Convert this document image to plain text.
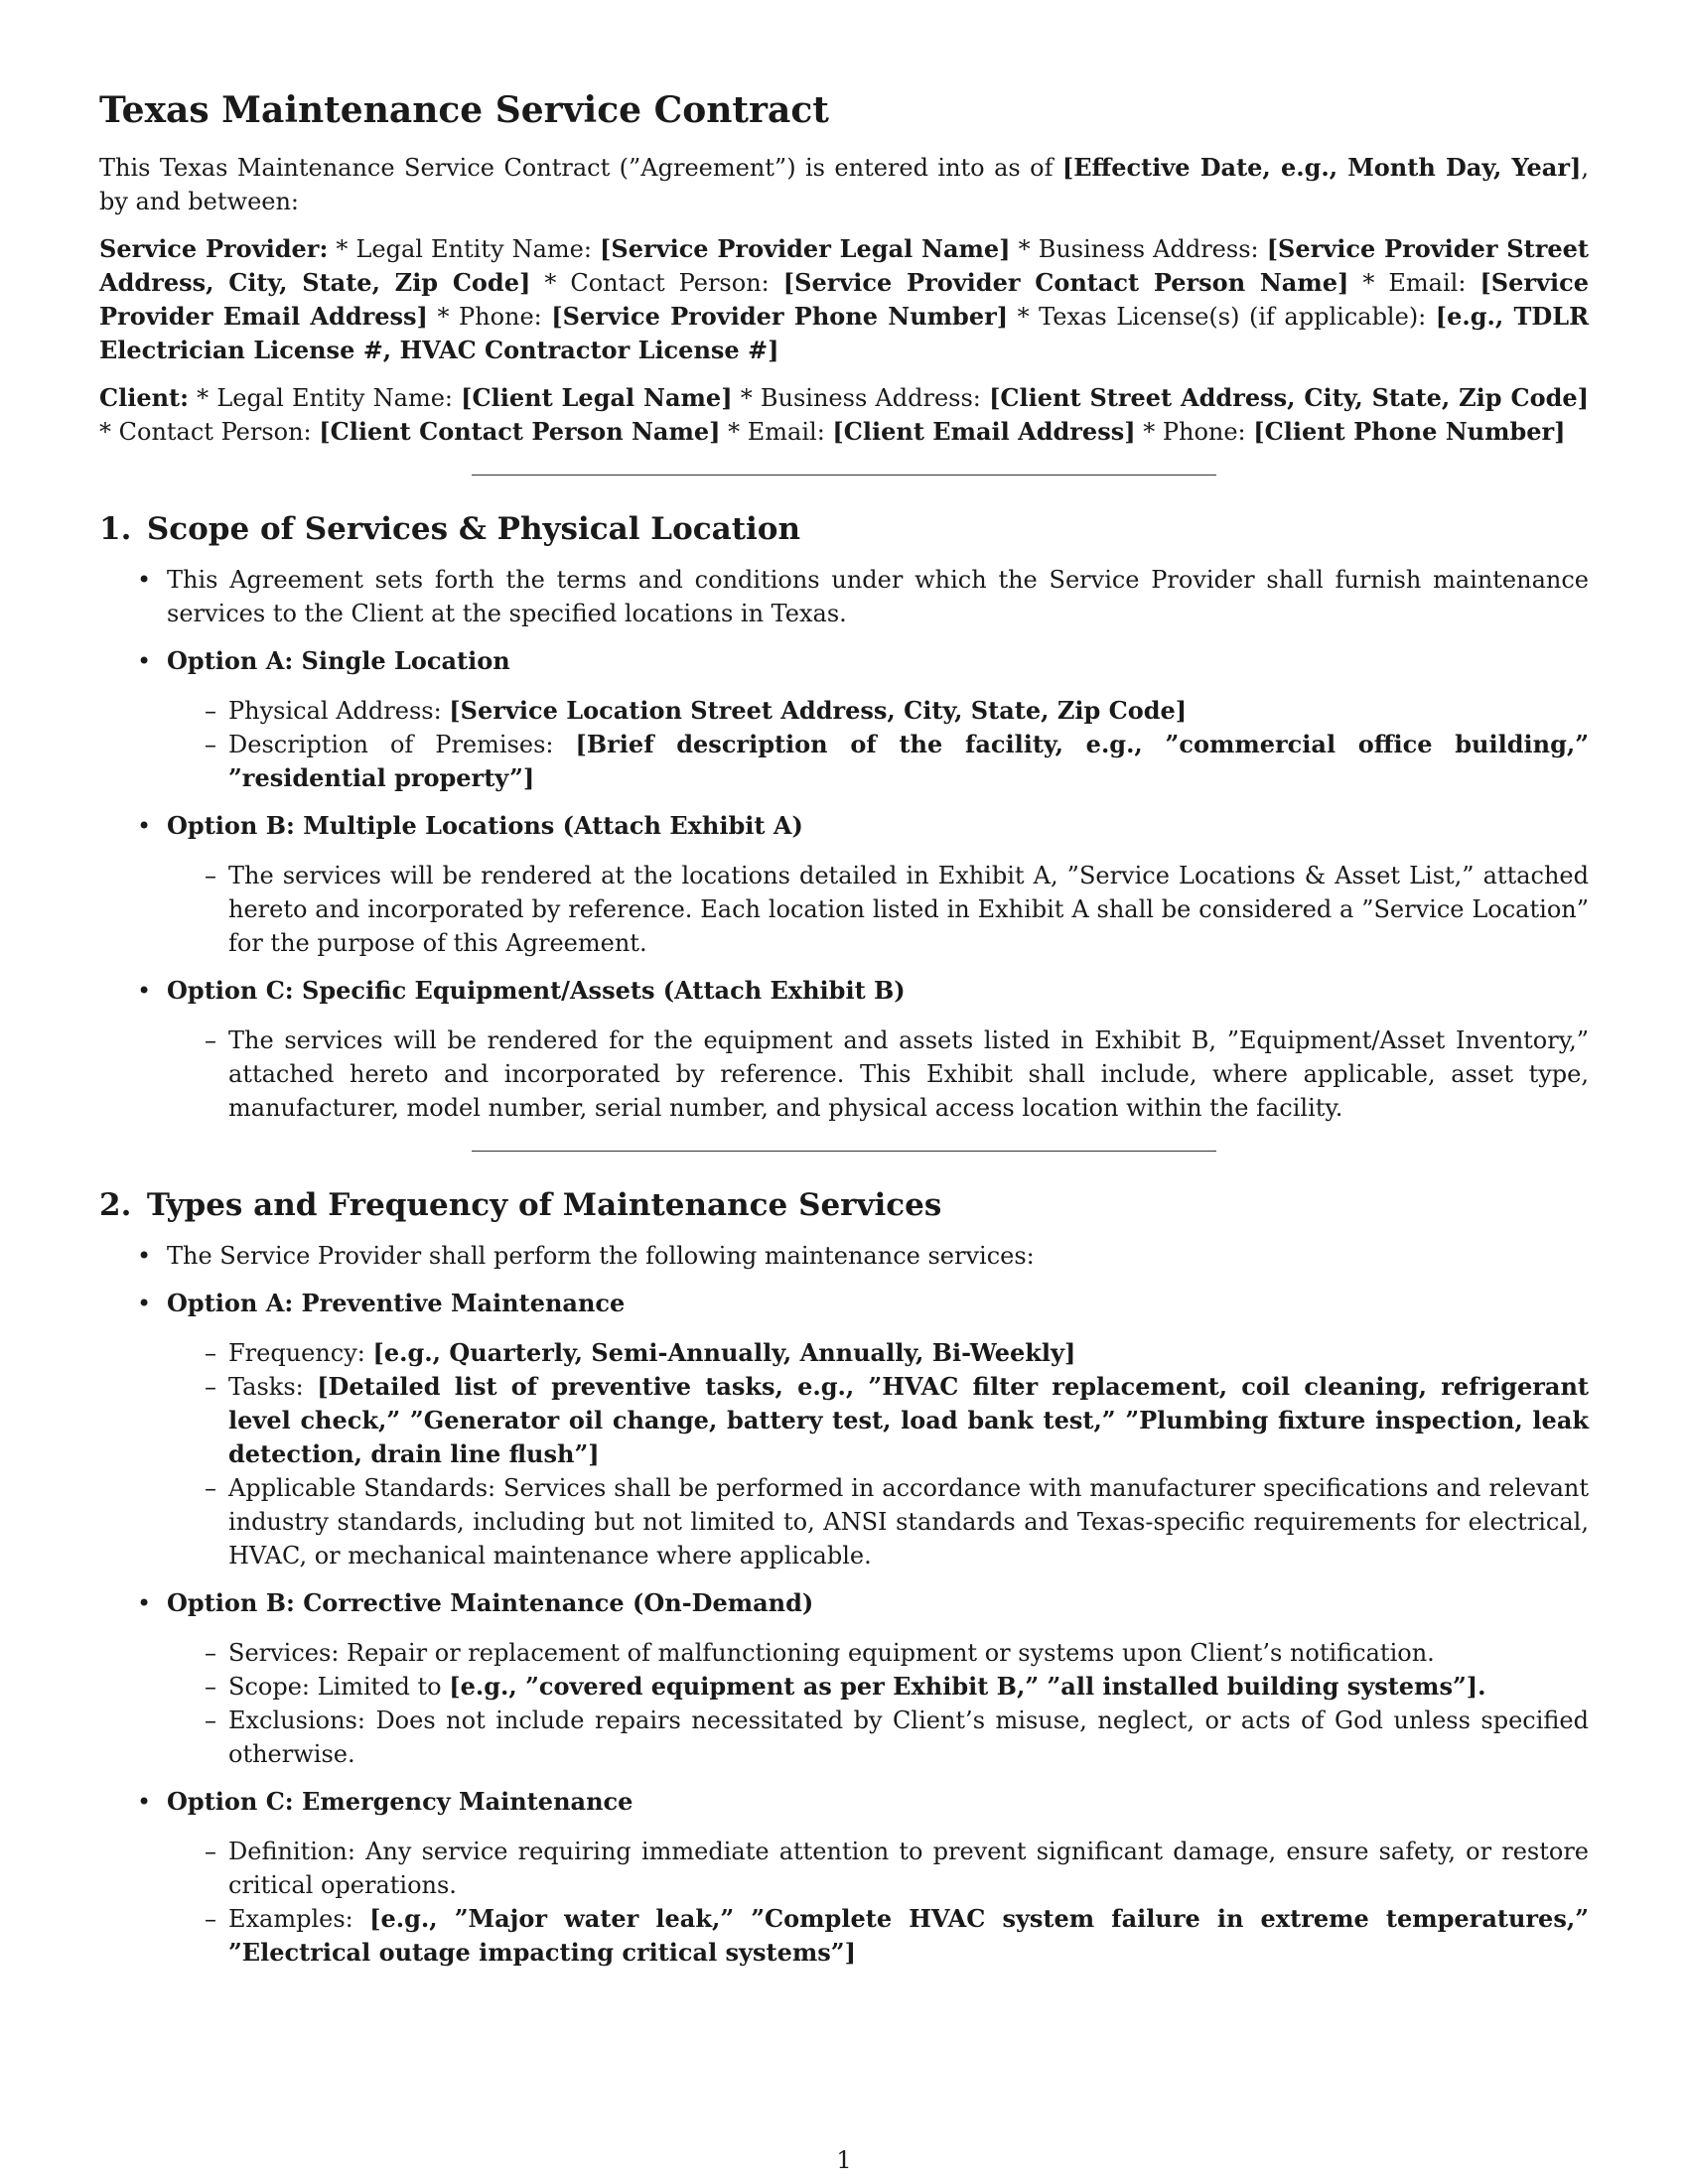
Texas Maintenance Service Contract

This Texas Maintenance Service Contract (”Agreement”) is entered into as of [Effective Date, e.g., Month Day, Year], by and between:

Service Provider: * Legal Entity Name: [Service Provider Legal Name] * Business Address: [Service Provider Street Address, City, State, Zip Code] * Contact Person: [Service Provider Contact Person Name] * Email: [Service Provider Email Address] * Phone: [Service Provider Phone Number] * Texas License(s) (if applicable): [e.g., TDLR Electrician License #, HVAC Contractor License #]

Client: * Legal Entity Name: [Client Legal Name] * Business Address: [Client Street Address, City, State, Zip Code] * Contact Person: [Client Contact Person Name] * Email: [Client Email Address] * Phone: [Client Phone Number]

1. Scope of Services & Physical Location
• This Agreement sets forth the terms and conditions under which the Service Provider shall furnish maintenance services to the Client at the specified locations in Texas.
• Option A: Single Location
– Physical Address: [Service Location Street Address, City, State, Zip Code]
– Description of Premises: [Brief description of the facility, e.g., ”commercial office building,” ”residential property”]
• Option B: Multiple Locations (Attach Exhibit A)
– The services will be rendered at the locations detailed in Exhibit A, ”Service Locations & Asset List,” attached hereto and incorporated by reference. Each location listed in Exhibit A shall be considered a ”Service Location” for the purpose of this Agreement.
• Option C: Specific Equipment/Assets (Attach Exhibit B)
– The services will be rendered for the equipment and assets listed in Exhibit B, ”Equipment/Asset Inventory,” attached hereto and incorporated by reference. This Exhibit shall include, where applicable, asset type, manufacturer, model number, serial number, and physical access location within the facility.
2. Types and Frequency of Maintenance Services
• The Service Provider shall perform the following maintenance services:
• Option A: Preventive Maintenance
– Frequency: [e.g., Quarterly, Semi-Annually, Annually, Bi-Weekly]
– Tasks: [Detailed list of preventive tasks, e.g., ”HVAC filter replacement, coil cleaning, refrigerant level check,” ”Generator oil change, battery test, load bank test,” ”Plumbing fixture inspection, leak detection, drain line flush”]
– Applicable Standards: Services shall be performed in accordance with manufacturer specifications and relevant industry standards, including but not limited to, ANSI standards and Texas-specific requirements for electrical, HVAC, or mechanical maintenance where applicable.
• Option B: Corrective Maintenance (On-Demand)
– Services: Repair or replacement of malfunctioning equipment or systems upon Client’s notification.
– Scope: Limited to [e.g., ”covered equipment as per Exhibit B,” ”all installed building systems”].
– Exclusions: Does not include repairs necessitated by Client’s misuse, neglect, or acts of God unless specified otherwise.
• Option C: Emergency Maintenance
– Definition: Any service requiring immediate attention to prevent significant damage, ensure safety, or restore critical operations.
– Examples: [e.g., ”Major water leak,” ”Complete HVAC system failure in extreme temperatures,” ”Electrical outage impacting critical systems”]
1
